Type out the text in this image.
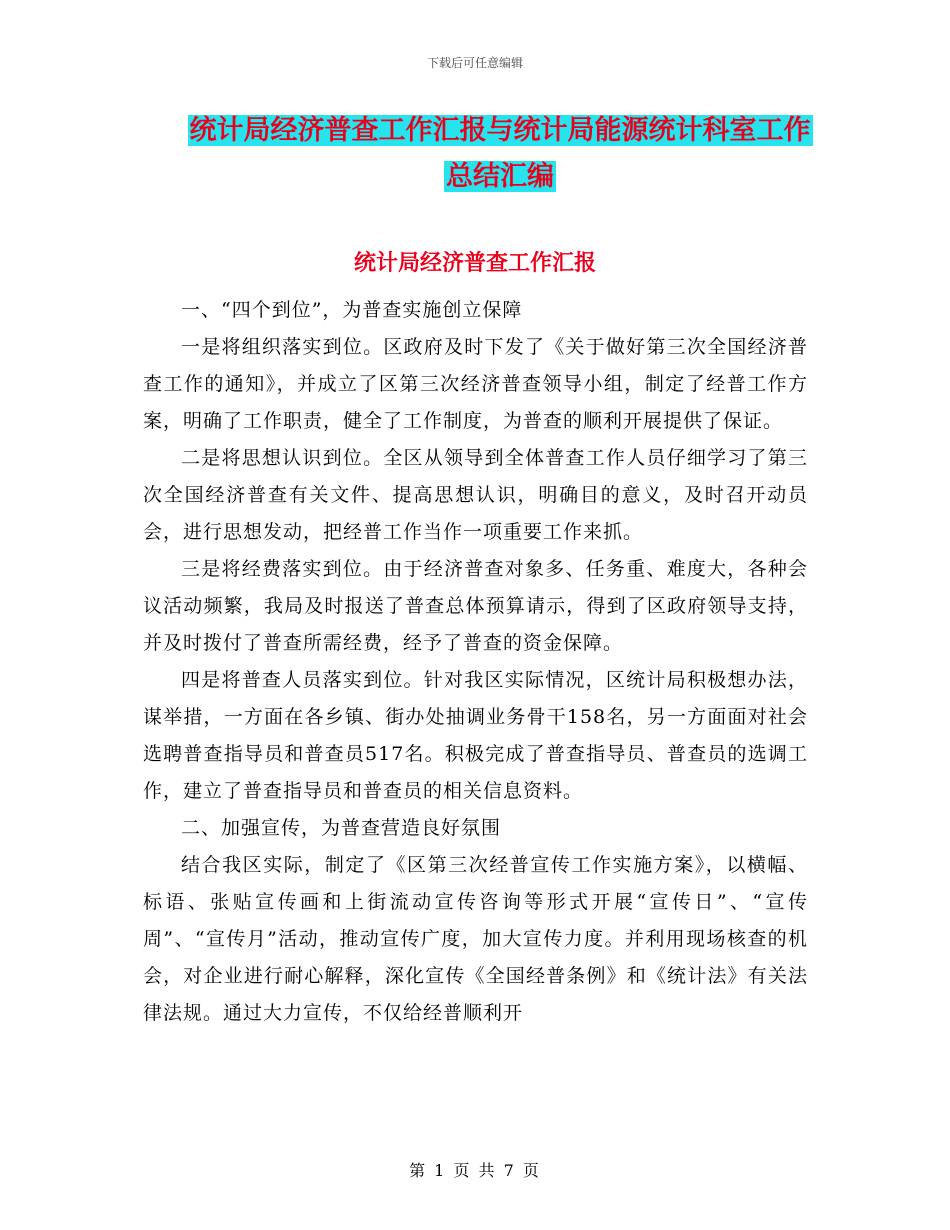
下载后可任意编辑
统计局经济普查工作汇报与统计局能源统计科室工作
总结汇编
统计局经济普查工作汇报

一、“四个到位”，为普查实施创立保障

一是将组织落实到位。区政府及时下发了《关于做好第三次全国经济普查工作的通知》，并成立了区第三次经济普查领导小组，制定了经普工作方案，明确了工作职责，健全了工作制度，为普查的顺利开展提供了保证。

二是将思想认识到位。全区从领导到全体普查工作人员仔细学习了第三次全国经济普查有关文件、提高思想认识，明确目的意义，及时召开动员会，进行思想发动，把经普工作当作一项重要工作来抓。

三是将经费落实到位。由于经济普查对象多、任务重、难度大，各种会议活动频繁，我局及时报送了普查总体预算请示，得到了区政府领导支持，并及时拨付了普查所需经费，经予了普查的资金保障。

四是将普查人员落实到位。针对我区实际情况，区统计局积极想办法，谋举措，一方面在各乡镇、街办处抽调业务骨干158名，另一方面面对社会选聘普查指导员和普查员517名。积极完成了普查指导员、普查员的选调工作，建立了普查指导员和普查员的相关信息资料。

二、加强宣传，为普查营造良好氛围

结合我区实际，制定了《区第三次经普宣传工作实施方案》，以横幅、标语、张贴宣传画和上街流动宣传咨询等形式开展“宣传日”、“宣传周”、“宣传月”活动，推动宣传广度，加大宣传力度。并利用现场核查的机会，对企业进行耐心解释，深化宣传《全国经普条例》和《统计法》有关法律法规。通过大力宣传，不仅给经普顺利开

第 1 页 共 7 页
